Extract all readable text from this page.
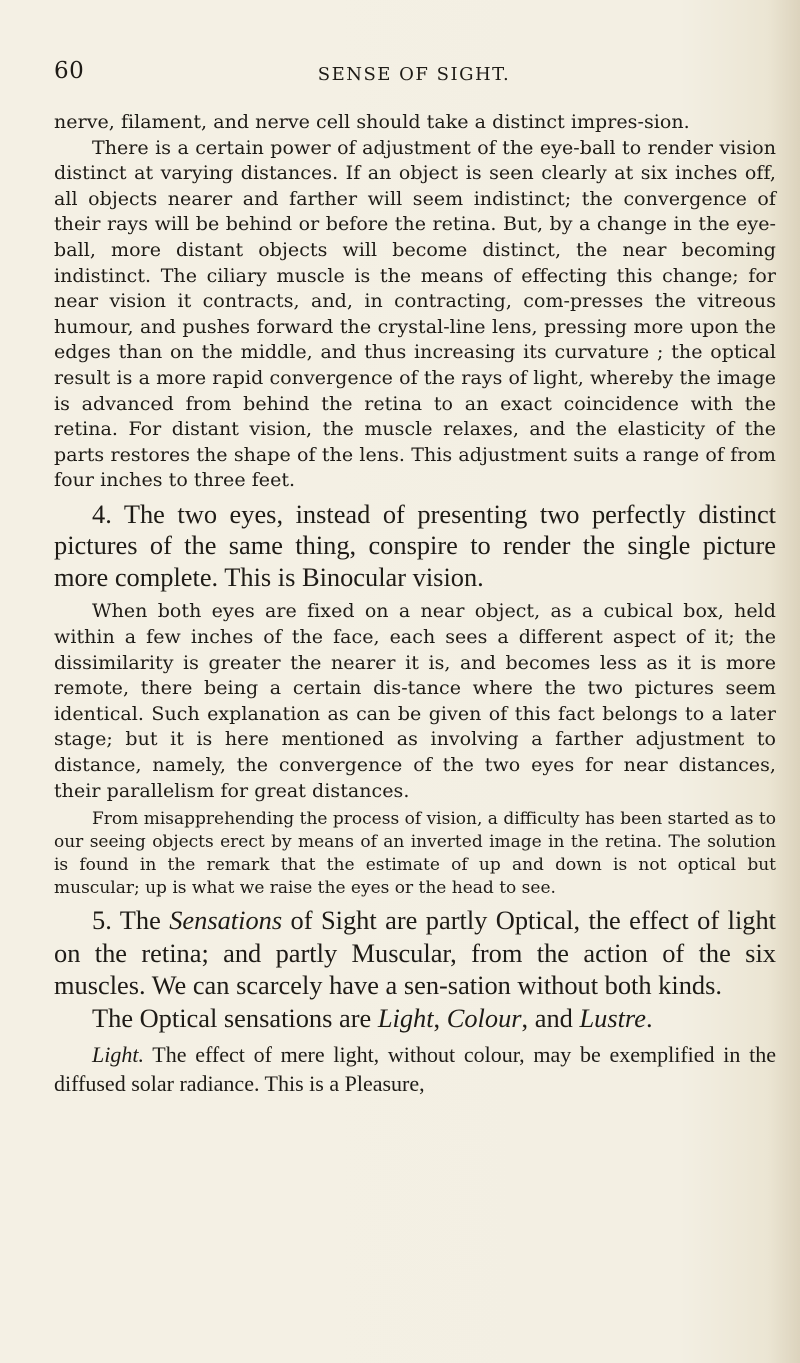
60	SENSE OF SIGHT.

nerve, filament, and nerve cell should take a distinct impres-sion.

There is a certain power of adjustment of the eye-ball to render vision distinct at varying distances. If an object is seen clearly at six inches off, all objects nearer and farther will seem indistinct; the convergence of their rays will be behind or before the retina. But, by a change in the eye-ball, more distant objects will become distinct, the near becoming indistinct. The ciliary muscle is the means of effecting this change; for near vision it contracts, and, in contracting, com-presses the vitreous humour, and pushes forward the crystal-line lens, pressing more upon the edges than on the middle, and thus increasing its curvature ; the optical result is a more rapid convergence of the rays of light, whereby the image is advanced from behind the retina to an exact coincidence with the retina. For distant vision, the muscle relaxes, and the elasticity of the parts restores the shape of the lens. This adjustment suits a range of from four inches to three feet.

4. The two eyes, instead of presenting two perfectly distinct pictures of the same thing, conspire to render the single picture more complete. This is Binocular vision.

When both eyes are fixed on a near object, as a cubical box, held within a few inches of the face, each sees a different aspect of it; the dissimilarity is greater the nearer it is, and becomes less as it is more remote, there being a certain dis-tance where the two pictures seem identical. Such explanation as can be given of this fact belongs to a later stage; but it is here mentioned as involving a farther adjustment to distance, namely, the convergence of the two eyes for near distances, their parallelism for great distances.

From misapprehending the process of vision, a difficulty has been started as to our seeing objects erect by means of an inverted image in the retina. The solution is found in the remark that the estimate of up and down is not optical but muscular; up is what we raise the eyes or the head to see.

5. The Sensations of Sight are partly Optical, the effect of light on the retina; and partly Muscular, from the action of the six muscles. We can scarcely have a sen-sation without both kinds.

The Optical sensations are Light, Colour, and Lustre.

Light. The effect of mere light, without colour, may be exemplified in the diffused solar radiance. This is a Pleasure,
